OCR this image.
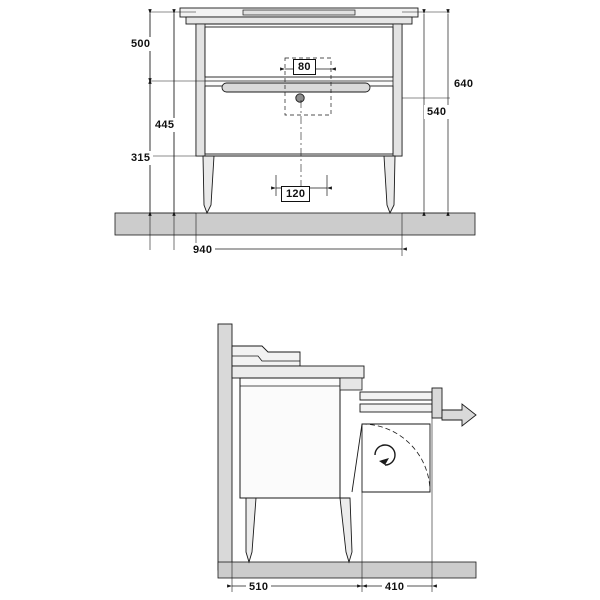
500
445
315
640
540
80
120
940
510	410
